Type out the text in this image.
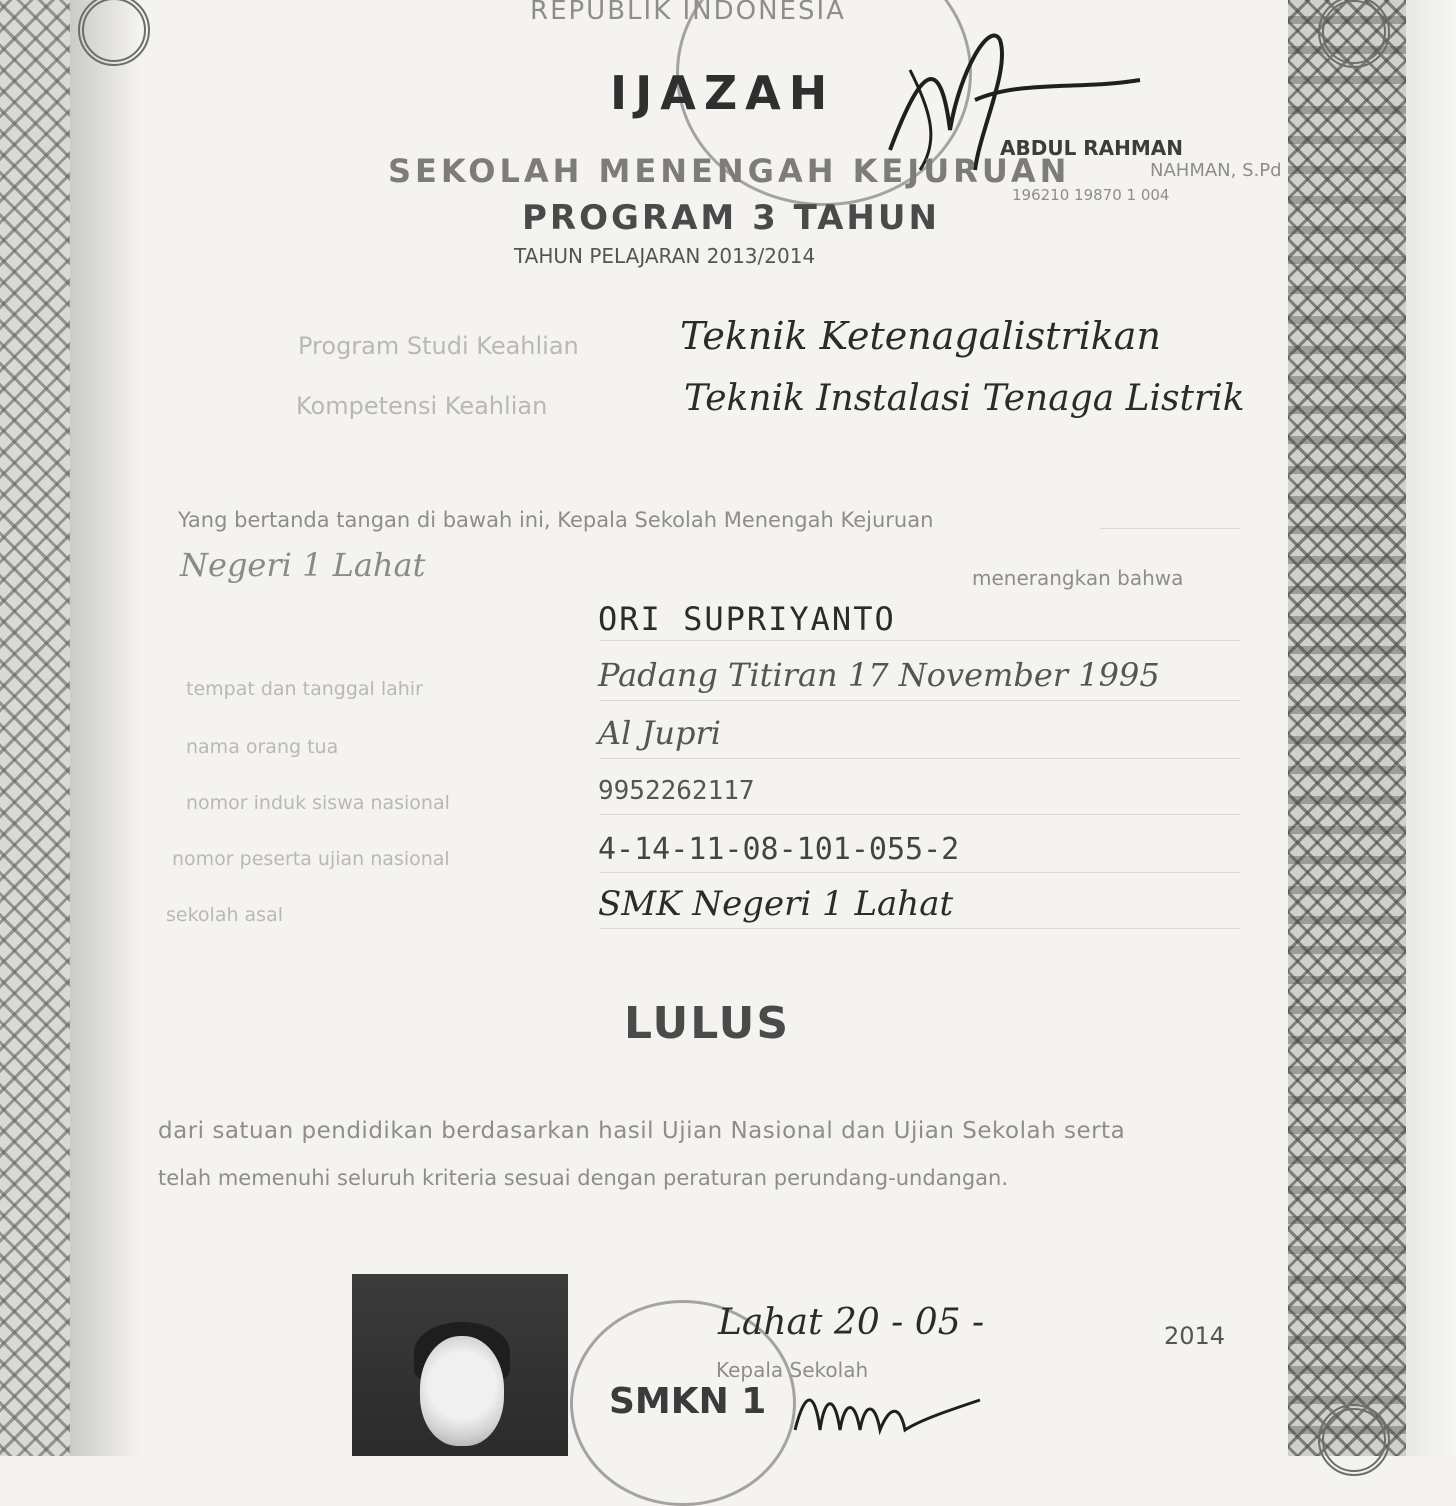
REPUBLIK INDONESIA
IJAZAH
SEKOLAH MENENGAH KEJURUAN
PROGRAM 3 TAHUN
TAHUN PELAJARAN 2013/2014
ABDUL RAHMAN
NAHMAN, S.Pd
196210 19870 1 004
Program Studi Keahlian	Teknik Ketenagalistrikan
Kompetensi Keahlian	Teknik Instalasi Tenaga Listrik
Yang bertanda tangan di bawah ini, Kepala Sekolah Menengah Kejuruan
Negeri 1 Lahat	menerangkan bahwa
ORI SUPRIYANTO
tempat dan tanggal lahir	Padang Titiran 17 November 1995
nama orang tua	Al Jupri
nomor induk siswa nasional	9952262117
nomor peserta ujian nasional	4-14-11-08-101-055-2
sekolah asal	SMK Negeri 1 Lahat
LULUS
dari satuan pendidikan berdasarkan hasil Ujian Nasional dan Ujian Sekolah serta
telah memenuhi seluruh kriteria sesuai dengan peraturan perundang-undangan.
SMKN 1
Lahat 20 - 05 -	2014
Kepala Sekolah
